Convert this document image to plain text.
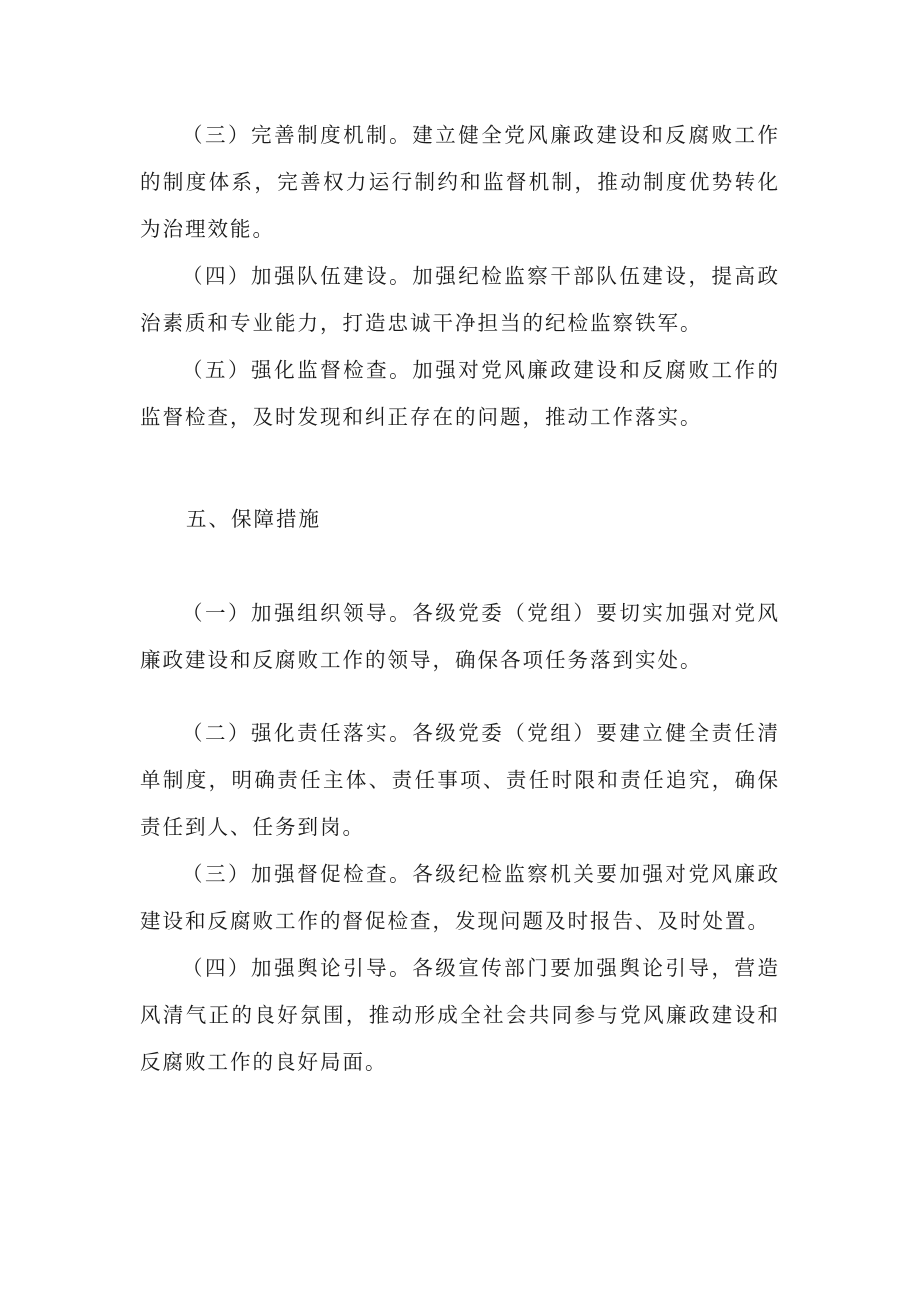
（三）完善制度机制。建立健全党风廉政建设和反腐败工作的制度体系，完善权力运行制约和监督机制，推动制度优势转化为治理效能。

（四）加强队伍建设。加强纪检监察干部队伍建设，提高政治素质和专业能力，打造忠诚干净担当的纪检监察铁军。

（五）强化监督检查。加强对党风廉政建设和反腐败工作的监督检查，及时发现和纠正存在的问题，推动工作落实。

五、保障措施

（一）加强组织领导。各级党委（党组）要切实加强对党风廉政建设和反腐败工作的领导，确保各项任务落到实处。

（二）强化责任落实。各级党委（党组）要建立健全责任清单制度，明确责任主体、责任事项、责任时限和责任追究，确保责任到人、任务到岗。

（三）加强督促检查。各级纪检监察机关要加强对党风廉政建设和反腐败工作的督促检查，发现问题及时报告、及时处置。

（四）加强舆论引导。各级宣传部门要加强舆论引导，营造风清气正的良好氛围，推动形成全社会共同参与党风廉政建设和反腐败工作的良好局面。
